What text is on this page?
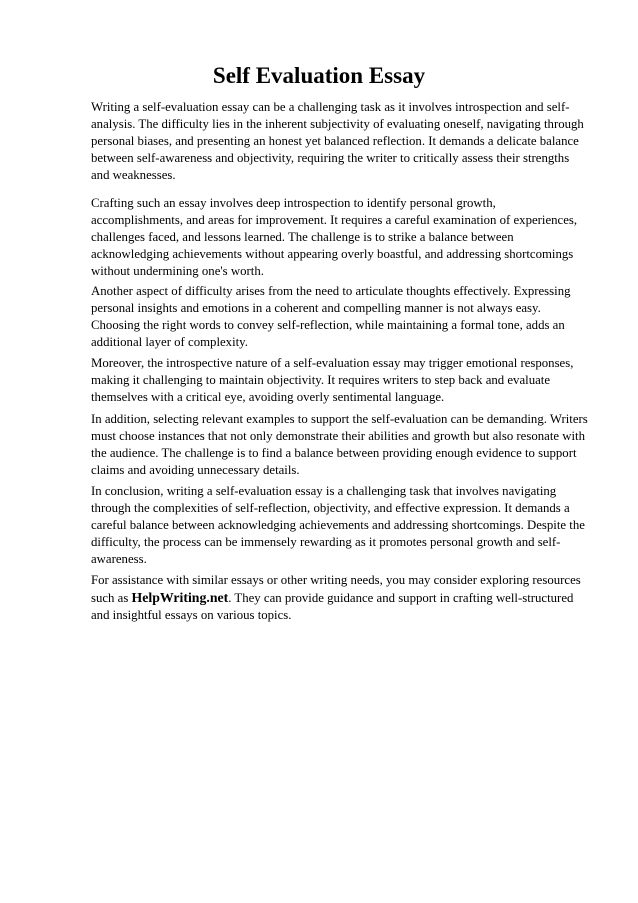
Self Evaluation Essay

Writing a self-evaluation essay can be a challenging task as it involves introspection and self-
analysis. The difficulty lies in the inherent subjectivity of evaluating oneself, navigating through
personal biases, and presenting an honest yet balanced reflection. It demands a delicate balance
between self-awareness and objectivity, requiring the writer to critically assess their strengths
and weaknesses.

Crafting such an essay involves deep introspection to identify personal growth,
accomplishments, and areas for improvement. It requires a careful examination of experiences,
challenges faced, and lessons learned. The challenge is to strike a balance between
acknowledging achievements without appearing overly boastful, and addressing shortcomings
without undermining one's worth.

Another aspect of difficulty arises from the need to articulate thoughts effectively. Expressing
personal insights and emotions in a coherent and compelling manner is not always easy.
Choosing the right words to convey self-reflection, while maintaining a formal tone, adds an
additional layer of complexity.

Moreover, the introspective nature of a self-evaluation essay may trigger emotional responses,
making it challenging to maintain objectivity. It requires writers to step back and evaluate
themselves with a critical eye, avoiding overly sentimental language.

In addition, selecting relevant examples to support the self-evaluation can be demanding. Writers
must choose instances that not only demonstrate their abilities and growth but also resonate with
the audience. The challenge is to find a balance between providing enough evidence to support
claims and avoiding unnecessary details.

In conclusion, writing a self-evaluation essay is a challenging task that involves navigating
through the complexities of self-reflection, objectivity, and effective expression. It demands a
careful balance between acknowledging achievements and addressing shortcomings. Despite the
difficulty, the process can be immensely rewarding as it promotes personal growth and self-
awareness.

For assistance with similar essays or other writing needs, you may consider exploring resources
such as HelpWriting.net. They can provide guidance and support in crafting well-structured
and insightful essays on various topics.
